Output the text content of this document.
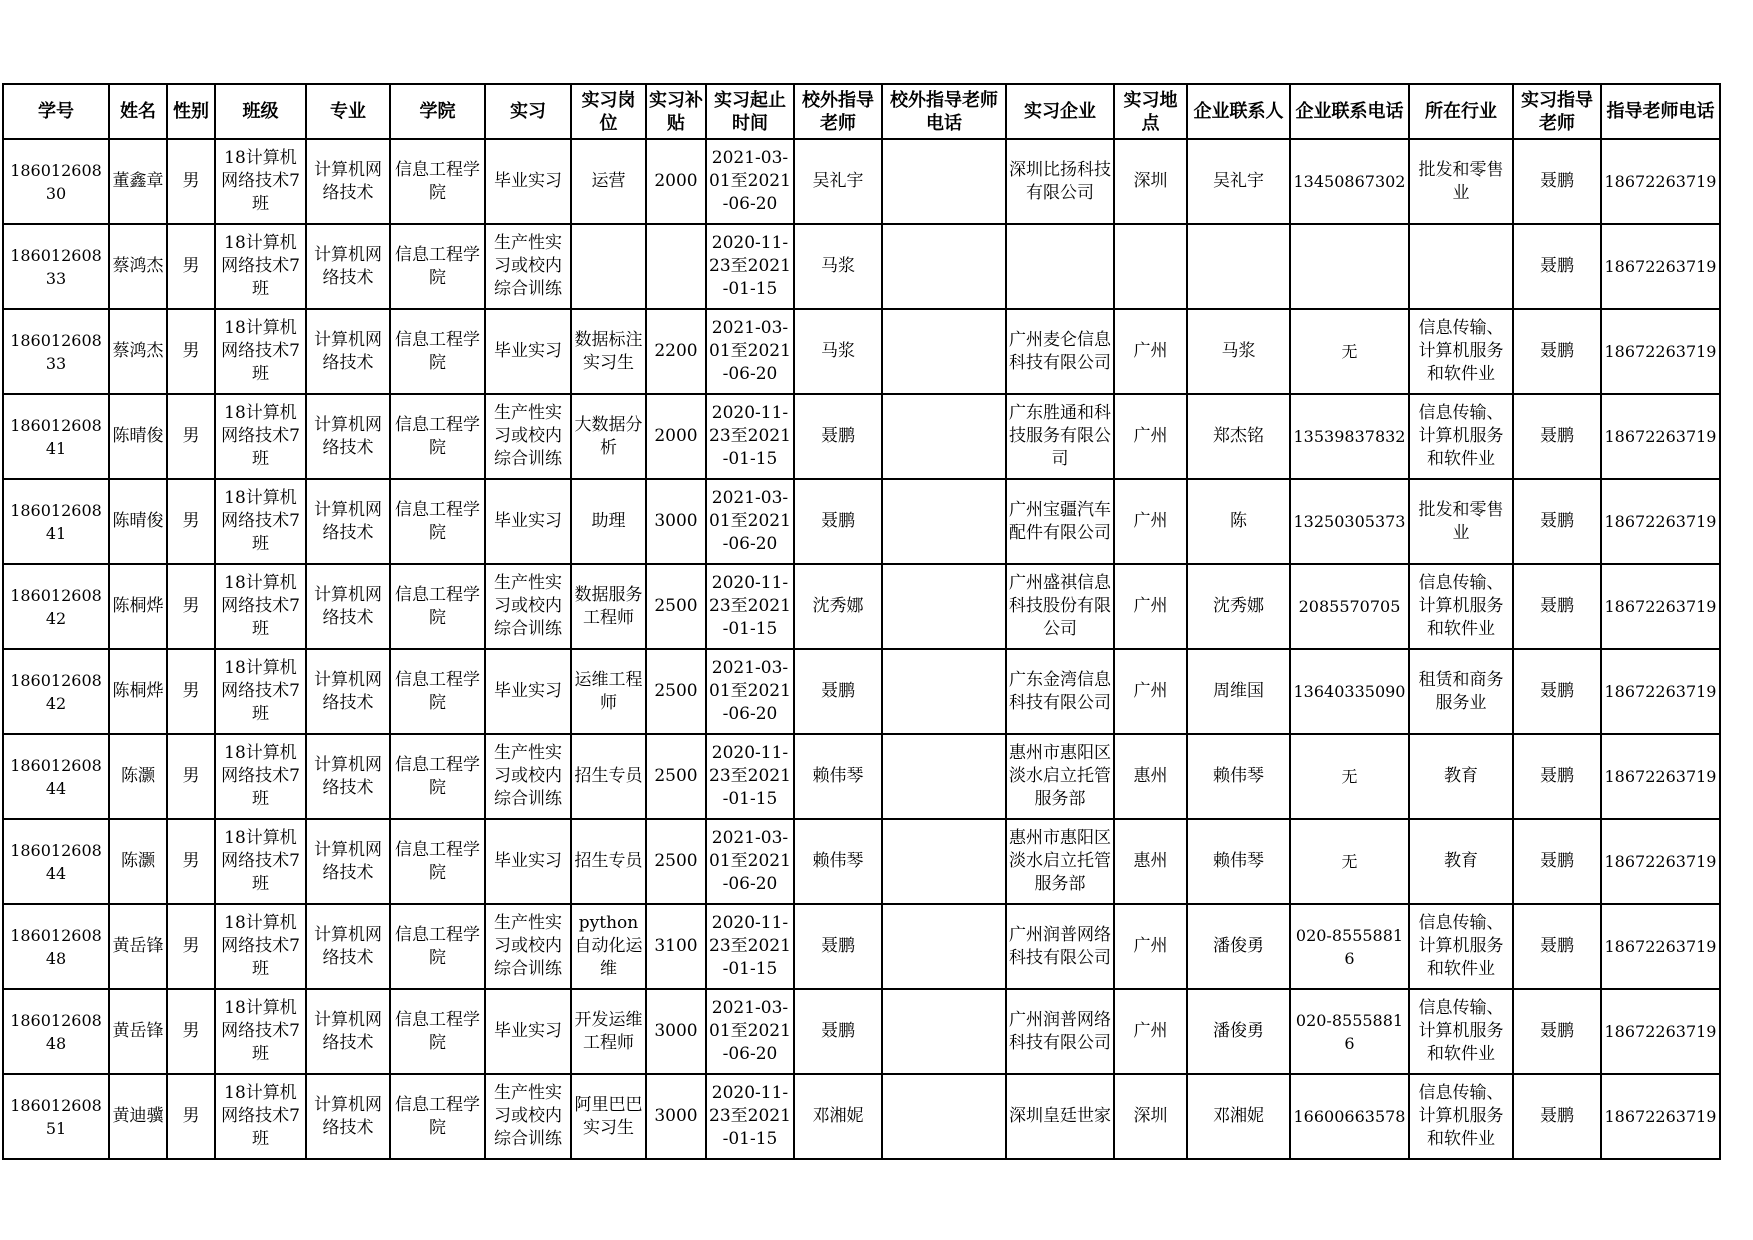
学号	姓名	性别	班级	专业	学院	实习	实习岗位	实习补贴	实习起止时间	校外指导老师	校外指导老师电话	实习企业	实习地点	企业联系人	企业联系电话	所在行业	实习指导老师	指导老师电话

18601260830	董鑫章	男	18计算机网络技术7班	计算机网络技术	信息工程学院	毕业实习	运营	2000	2021-03-01至2021-06-20	吴礼宇		深圳比扬科技有限公司	深圳	吴礼宇	13450867302	批发和零售业	聂鹏	18672263719

18601260833	蔡鸿杰	男	18计算机网络技术7班	计算机网络技术	信息工程学院	生产性实习或校内综合训练			2020-11-23至2021-01-15	马浆							聂鹏	18672263719

18601260833	蔡鸿杰	男	18计算机网络技术7班	计算机网络技术	信息工程学院	毕业实习	数据标注实习生	2200	2021-03-01至2021-06-20	马浆		广州麦仑信息科技有限公司	广州	马浆	无	信息传输、计算机服务和软件业	聂鹏	18672263719

18601260841	陈晴俊	男	18计算机网络技术7班	计算机网络技术	信息工程学院	生产性实习或校内综合训练	大数据分析	2000	2020-11-23至2021-01-15	聂鹏		广东胜通和科技服务有限公司	广州	郑杰铭	13539837832	信息传输、计算机服务和软件业	聂鹏	18672263719

18601260841	陈晴俊	男	18计算机网络技术7班	计算机网络技术	信息工程学院	毕业实习	助理	3000	2021-03-01至2021-06-20	聂鹏		广州宝疆汽车配件有限公司	广州	陈	13250305373	批发和零售业	聂鹏	18672263719

18601260842	陈桐烨	男	18计算机网络技术7班	计算机网络技术	信息工程学院	生产性实习或校内综合训练	数据服务工程师	2500	2020-11-23至2021-01-15	沈秀娜		广州盛祺信息科技股份有限公司	广州	沈秀娜	2085570705	信息传输、计算机服务和软件业	聂鹏	18672263719

18601260842	陈桐烨	男	18计算机网络技术7班	计算机网络技术	信息工程学院	毕业实习	运维工程师	2500	2021-03-01至2021-06-20	聂鹏		广东金湾信息科技有限公司	广州	周维国	13640335090	租赁和商务服务业	聂鹏	18672263719

18601260844	陈灏	男	18计算机网络技术7班	计算机网络技术	信息工程学院	生产性实习或校内综合训练	招生专员	2500	2020-11-23至2021-01-15	赖伟琴		惠州市惠阳区淡水启立托管服务部	惠州	赖伟琴	无	教育	聂鹏	18672263719

18601260844	陈灏	男	18计算机网络技术7班	计算机网络技术	信息工程学院	毕业实习	招生专员	2500	2021-03-01至2021-06-20	赖伟琴		惠州市惠阳区淡水启立托管服务部	惠州	赖伟琴	无	教育	聂鹏	18672263719

18601260848	黄岳锋	男	18计算机网络技术7班	计算机网络技术	信息工程学院	生产性实习或校内综合训练	python自动化运维	3100	2020-11-23至2021-01-15	聂鹏		广州润普网络科技有限公司	广州	潘俊勇	020-85558816	信息传输、计算机服务和软件业	聂鹏	18672263719

18601260848	黄岳锋	男	18计算机网络技术7班	计算机网络技术	信息工程学院	毕业实习	开发运维工程师	3000	2021-03-01至2021-06-20	聂鹏		广州润普网络科技有限公司	广州	潘俊勇	020-85558816	信息传输、计算机服务和软件业	聂鹏	18672263719

18601260851	黄迪骥	男	18计算机网络技术7班	计算机网络技术	信息工程学院	生产性实习或校内综合训练	阿里巴巴实习生	3000	2020-11-23至2021-01-15	邓湘妮		深圳皇廷世家	深圳	邓湘妮	16600663578	信息传输、计算机服务和软件业	聂鹏	18672263719
